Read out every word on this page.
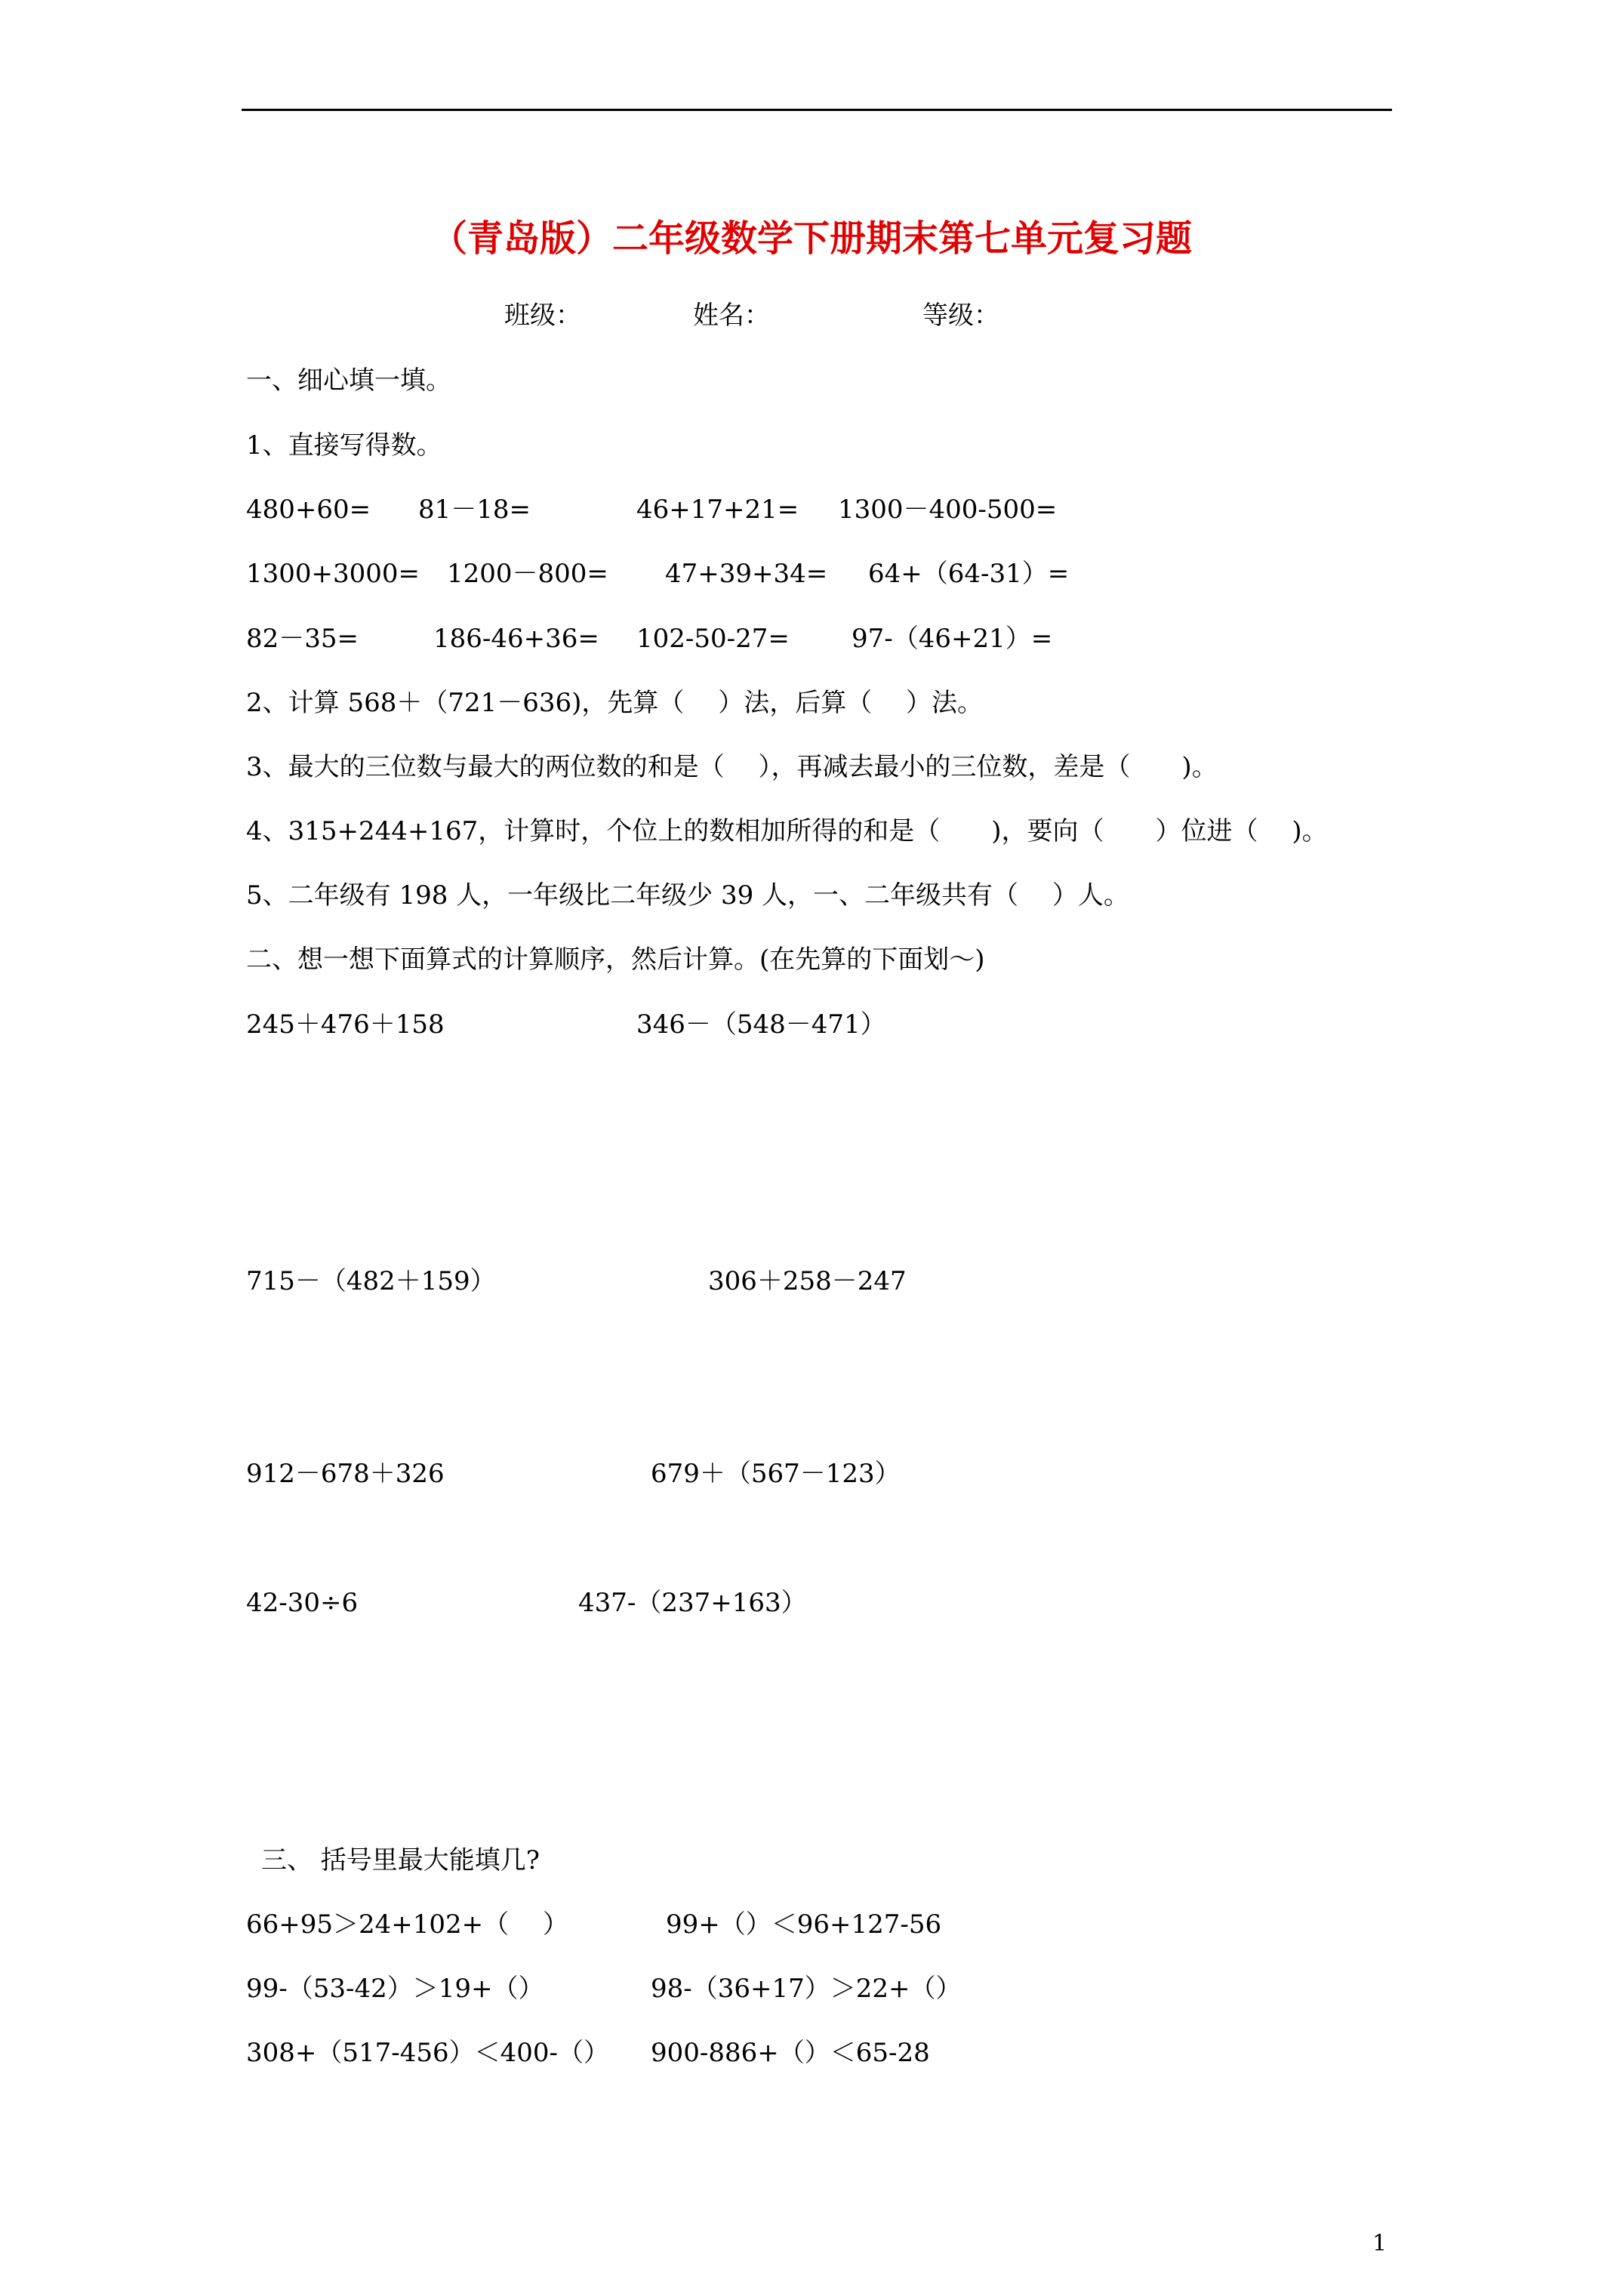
（青岛版）二年级数学下册期末第七单元复习题
班级：	姓名：	等级：
一、细心填一填。
1、直接写得数。
480+60= 81－18=	46+17+21= 1300－400-500=
1300+3000= 1200－800= 47+39+34= 64+（64-31）=
82－35=	186-46+36= 102-50-27= 97-（46+21）=
2、计算 568＋（721－636)，先算（　 ）法，后算（　 ）法。
3、最大的三位数与最大的两位数的和是（　 ），再减去最小的三位数，差是（　　)。
4、315+244+167，计算时，个位上的数相加所得的和是（　　)，要向（　　）位进（　 )。
5、二年级有 198 人，一年级比二年级少 39 人，一、二年级共有（　 ）人。
二、想一想下面算式的计算顺序，然后计算。(在先算的下面划～)
245＋476＋158	346－（548－471）
715－（482＋159）	306＋258－247
912－678＋326	679＋（567－123）
42-30÷6	437-（237+163）
三、 括号里最大能填几?
66+95＞24+102+（　 ）	99+（）＜96+127-56
99-（53-42）＞19+（）	98-（36+17）＞22+（）
308+（517-456）＜400-（） 900-886+（）＜65-28
1
